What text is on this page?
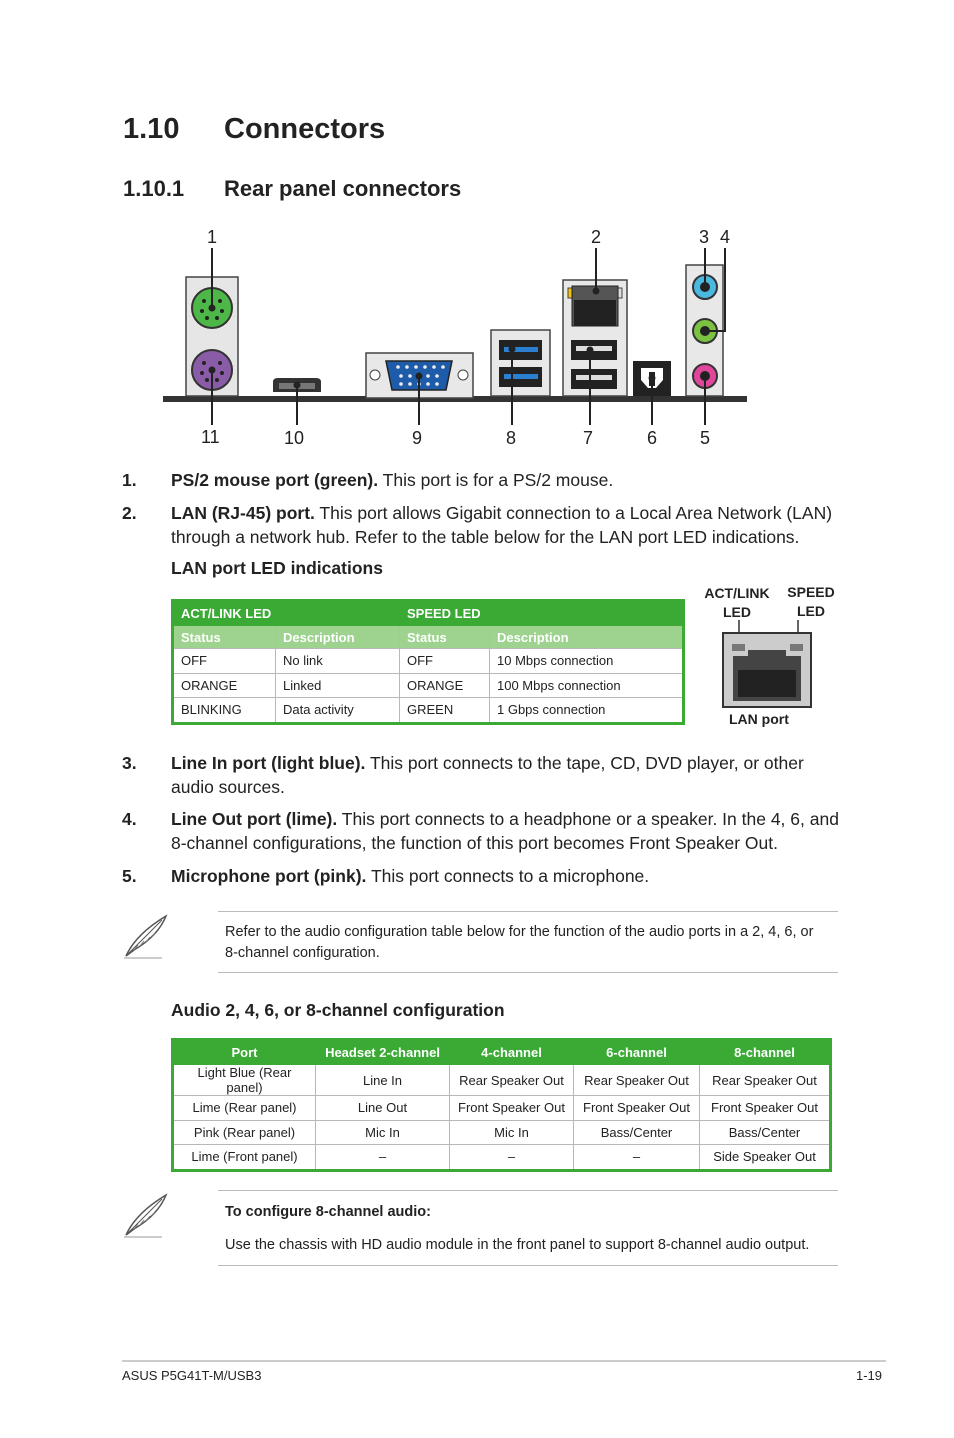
1.10 Connectors
1.10.1 Rear panel connectors
1	2	3 4
11	10	9	8	7	6 5
1. PS/2 mouse port (green). This port is for a PS/2 mouse.
2. LAN (RJ-45) port. This port allows Gigabit connection to a Local Area Network (LAN) through a network hub. Refer to the table below for the LAN port LED indications.
LAN port LED indications
ACT/LINK LED		SPEED LED	
Status	Description	Status	Description
OFF	No link	OFF	10 Mbps connection
ORANGE	Linked	ORANGE	100 Mbps connection
BLINKING	Data activity	GREEN	1 Gbps connection
ACT/LINK
LED
SPEED
LED
LAN port
3. Line In port (light blue). This port connects to the tape, CD, DVD player, or other audio sources.
4. Line Out port (lime). This port connects to a headphone or a speaker. In the 4, 6, and 8-channel configurations, the function of this port becomes Front Speaker Out.
5. Microphone port (pink). This port connects to a microphone.
Refer to the audio configuration table below for the function of the audio ports in a 2, 4, 6, or 8-channel configuration.
Audio 2, 4, 6, or 8-channel configuration
Port	Headset 2-channel	4-channel	6-channel	8-channel
Light Blue (Rear panel)	Line In	Rear Speaker Out	Rear Speaker Out	Rear Speaker Out
Lime (Rear panel)	Line Out	Front Speaker Out	Front Speaker Out	Front Speaker Out
Pink (Rear panel)	Mic In	Mic In	Bass/Center	Bass/Center
Lime (Front panel)	–	–	–	Side Speaker Out
To configure 8-channel audio:
Use the chassis with HD audio module in the front panel to support 8-channel audio output.
ASUS P5G41T-M/USB3	1-19
